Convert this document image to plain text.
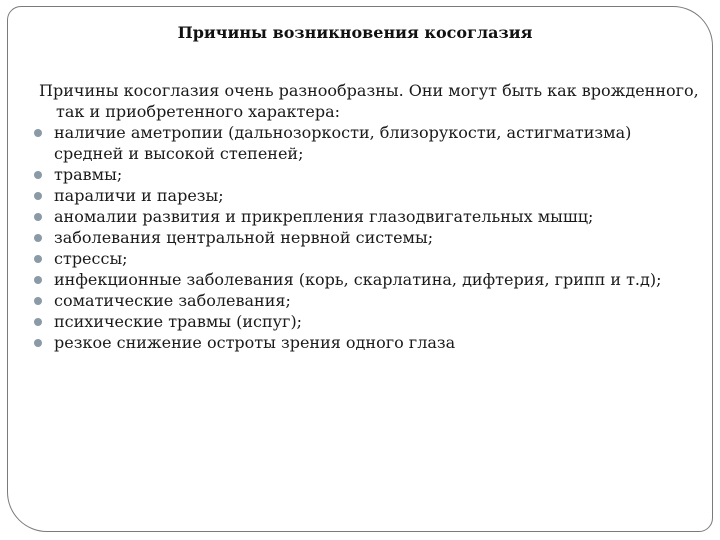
Причины возникновения косоглазия
Причины косоглазия очень разнообразны. Они могут быть как врожденного, так и приобретенного характера:
наличие аметропии (дальнозоркости, близорукости, астигматизма) средней и высокой степеней;
травмы;
параличи и парезы;
аномалии развития и прикрепления глазодвигательных мышц;
заболевания центральной нервной системы;
стрессы;
инфекционные заболевания (корь, скарлатина, дифтерия, грипп и т.д);
соматические заболевания;
психические травмы (испуг);
резкое снижение остроты зрения одного глаза
